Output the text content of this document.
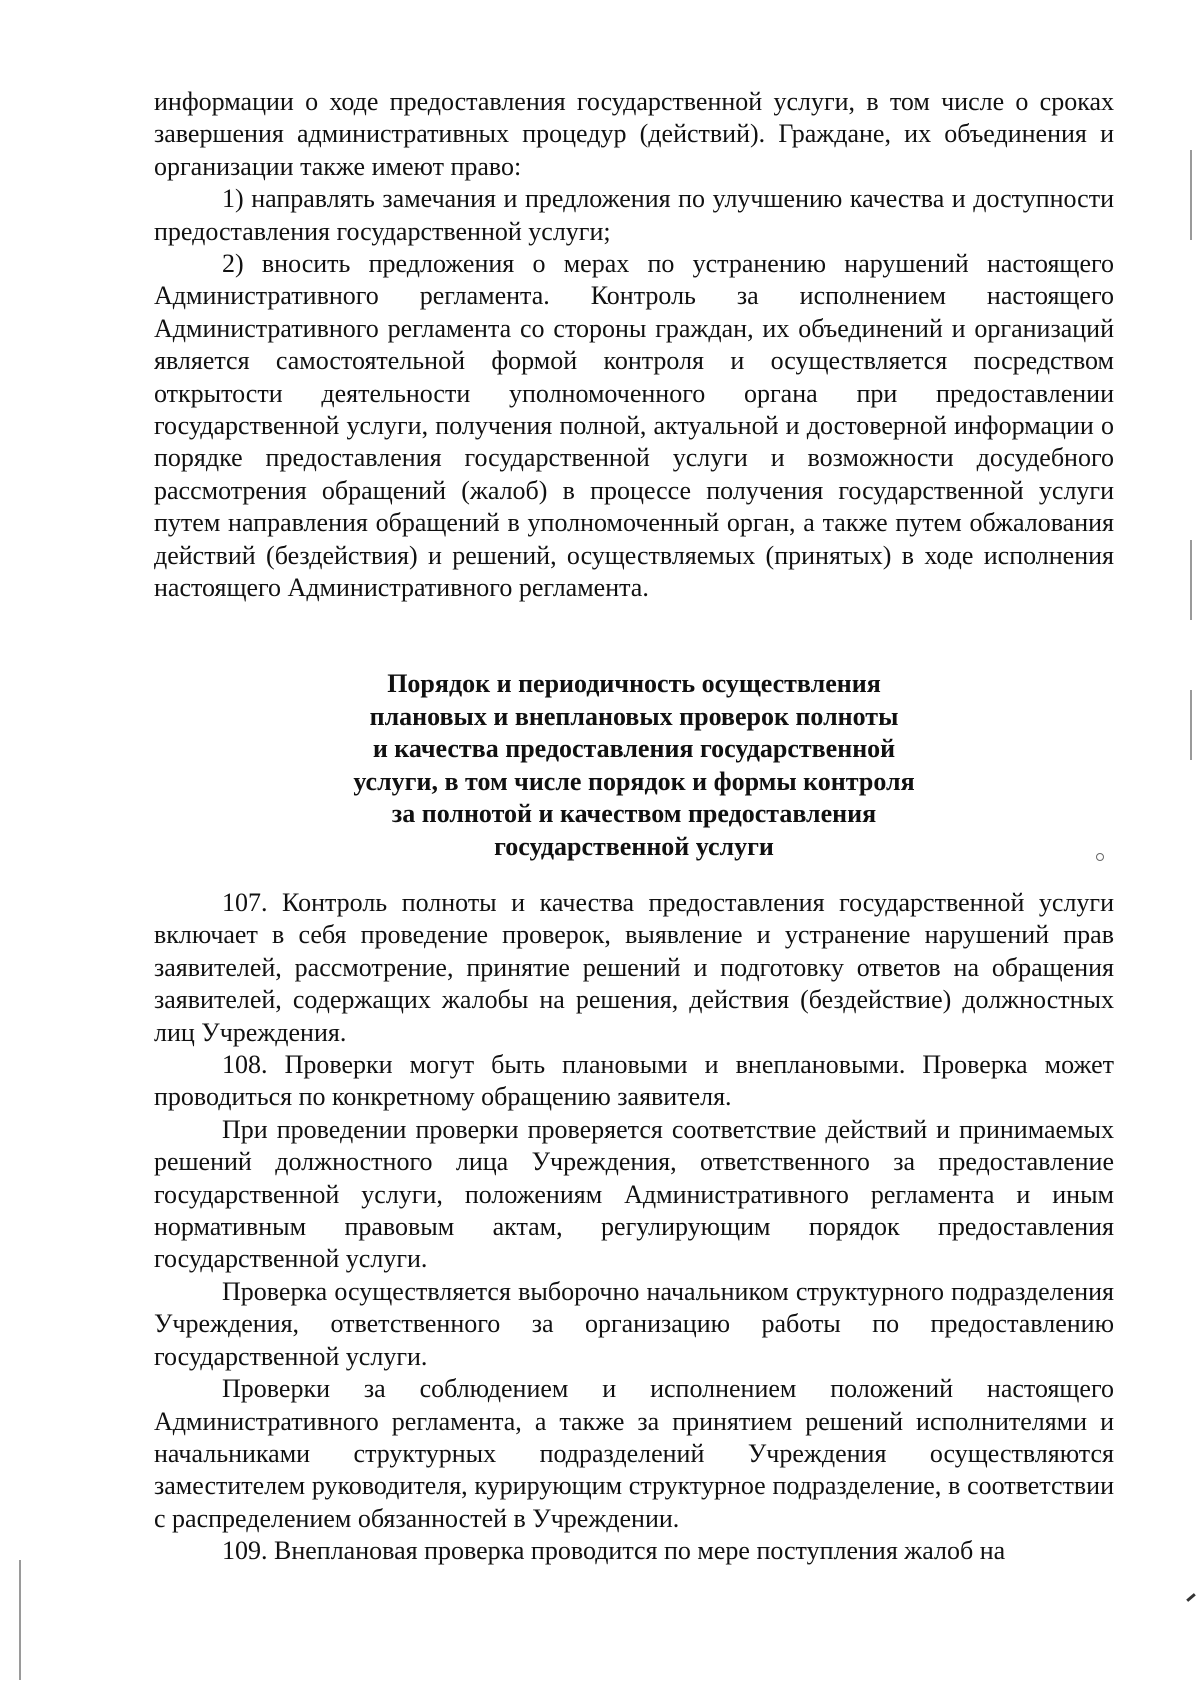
информации о ходе предоставления государственной услуги, в том числе о сроках завершения административных процедур (действий). Граждане, их объединения и организации также имеют право:

1) направлять замечания и предложения по улучшению качества и доступности предоставления государственной услуги;

2) вносить предложения о мерах по устранению нарушений настоящего Административного регламента. Контроль за исполнением настоящего Административного регламента со стороны граждан, их объединений и организаций является самостоятельной формой контроля и осуществляется посредством открытости деятельности уполномоченного органа при предоставлении государственной услуги, получения полной, актуальной и достоверной информации о порядке предоставления государственной услуги и возможности досудебного рассмотрения обращений (жалоб) в процессе получения государственной услуги путем направления обращений в уполномоченный орган, а также путем обжалования действий (бездействия) и решений, осуществляемых (принятых) в ходе исполнения настоящего Административного регламента.

Порядок и периодичность осуществления
плановых и внеплановых проверок полноты
и качества предоставления государственной
услуги, в том числе порядок и формы контроля
за полнотой и качеством предоставления
государственной услуги

107. Контроль полноты и качества предоставления государственной услуги включает в себя проведение проверок, выявление и устранение нарушений прав заявителей, рассмотрение, принятие решений и подготовку ответов на обращения заявителей, содержащих жалобы на решения, действия (бездействие) должностных лиц Учреждения.

108. Проверки могут быть плановыми и внеплановыми. Проверка может проводиться по конкретному обращению заявителя.

При проведении проверки проверяется соответствие действий и принимаемых решений должностного лица Учреждения, ответственного за предоставление государственной услуги, положениям Административного регламента и иным нормативным правовым актам, регулирующим порядок предоставления государственной услуги.

Проверка осуществляется выборочно начальником структурного подразделения Учреждения, ответственного за организацию работы по предоставлению государственной услуги.

Проверки за соблюдением и исполнением положений настоящего Административного регламента, а также за принятием решений исполнителями и начальниками структурных подразделений Учреждения осуществляются заместителем руководителя, курирующим структурное подразделение, в соответствии с распределением обязанностей в Учреждении.

109. Внеплановая проверка проводится по мере поступления жалоб на
